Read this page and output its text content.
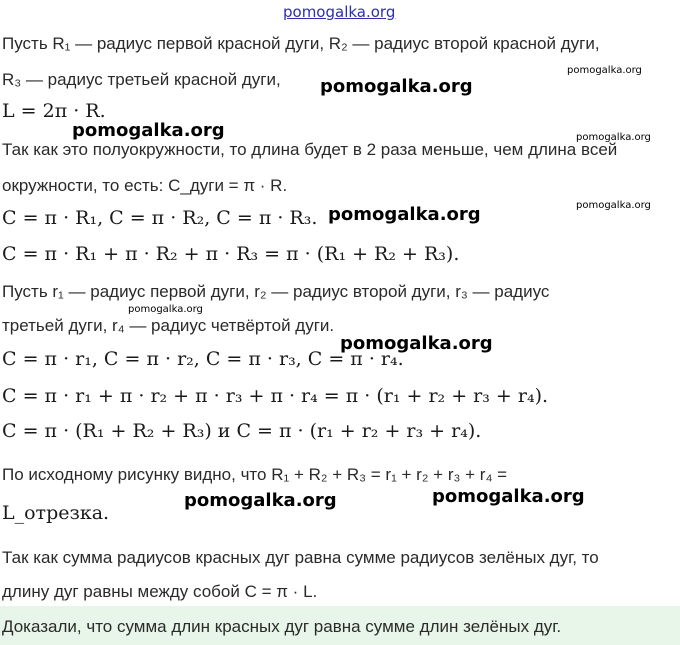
pomogalka.org
Пусть R₁ — радиус первой красной дуги, R₂ — радиус второй красной дуги,
R₃ — радиус третьей красной дуги,
L = 2π · R.
Так как это полуокружности, то длина будет в 2 раза меньше, чем длина всей
окружности, то есть: C_дуги = π · R.
C = π · R₁, C = π · R₂, C = π · R₃.
C = π · R₁ + π · R₂ + π · R₃ = π · (R₁ + R₂ + R₃).
Пусть r₁ — радиус первой дуги, r₂ — радиус второй дуги, r₃ — радиус
третьей дуги, r₄ — радиус четвёртой дуги.
C = π · r₁, C = π · r₂, C = π · r₃, C = π · r₄.
C = π · r₁ + π · r₂ + π · r₃ + π · r₄ = π · (r₁ + r₂ + r₃ + r₄).
C = π · (R₁ + R₂ + R₃) и C = π · (r₁ + r₂ + r₃ + r₄).
По исходному рисунку видно, что R₁ + R₂ + R₃ = r₁ + r₂ + r₃ + r₄ =
L_отрезка.
Так как сумма радиусов красных дуг равна сумме радиусов зелёных дуг, то
длину дуг равны между собой C = π · L.
Доказали, что сумма длин красных дуг равна сумме длин зелёных дуг.
pomogalka.org
pomogalka.org
pomogalka.org	pomogalka.org
pomogalka.org	pomogalka.org
pomogalka.org
pomogalka.org
pomogalka.org	pomogalka.org
